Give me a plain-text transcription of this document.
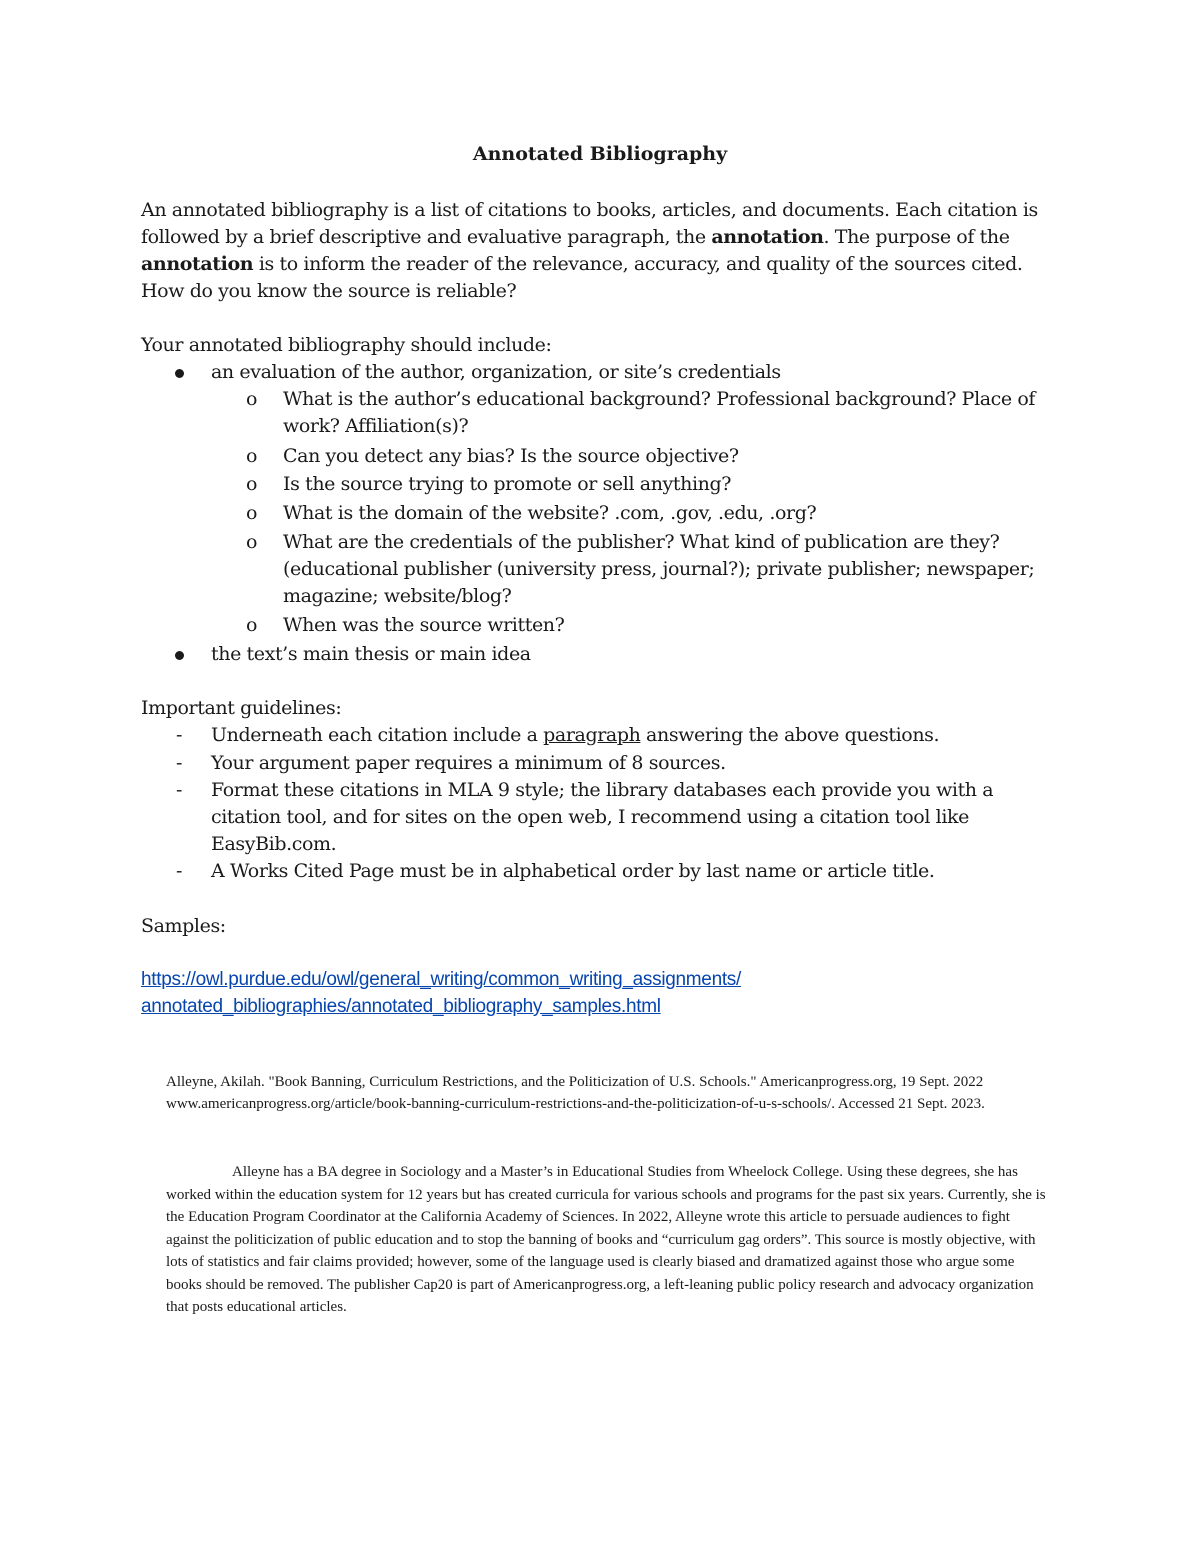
Annotated Bibliography

An annotated bibliography is a list of citations to books, articles, and documents. Each citation is followed by a brief descriptive and evaluative paragraph, the annotation. The purpose of the annotation is to inform the reader of the relevance, accuracy, and quality of the sources cited. How do you know the source is reliable?

Your annotated bibliography should include:

an evaluation of the author, organization, or site’s credentials
o	What is the author’s educational background? Professional background? Place of work? Affiliation(s)?
o	Can you detect any bias? Is the source objective?
o	Is the source trying to promote or sell anything?
o	What is the domain of the website? .com, .gov, .edu, .org?
o	What are the credentials of the publisher? What kind of publication are they? (educational publisher (university press, journal?); private publisher; newspaper; magazine; website/blog?
o	When was the source written?
the text’s main thesis or main idea

Important guidelines:

- Underneath each citation include a paragraph answering the above questions.
- Your argument paper requires a minimum of 8 sources.
- Format these citations in MLA 9 style; the library databases each provide you with a citation tool, and for sites on the open web, I recommend using a citation tool like EasyBib.com.
- A Works Cited Page must be in alphabetical order by last name or article title.

Samples:

https://owl.purdue.edu/owl/general_writing/common_writing_assignments/
annotated_bibliographies/annotated_bibliography_samples.html

Alleyne, Akilah. "Book Banning, Curriculum Restrictions, and the Politicization of U.S. Schools." Americanprogress.org, 19 Sept. 2022 www.americanprogress.org/article/book-banning-curriculum-restrictions-and-the-politicization-of-u-s-schools/. Accessed 21 Sept. 2023.

Alleyne has a BA degree in Sociology and a Master’s in Educational Studies from Wheelock College. Using these degrees, she has worked within the education system for 12 years but has created curricula for various schools and programs for the past six years. Currently, she is the Education Program Coordinator at the California Academy of Sciences. In 2022, Alleyne wrote this article to persuade audiences to fight against the politicization of public education and to stop the banning of books and “curriculum gag orders”. This source is mostly objective, with lots of statistics and fair claims provided; however, some of the language used is clearly biased and dramatized against those who argue some books should be removed. The publisher Cap20 is part of Americanprogress.org, a left-leaning public policy research and advocacy organization that posts educational articles.
